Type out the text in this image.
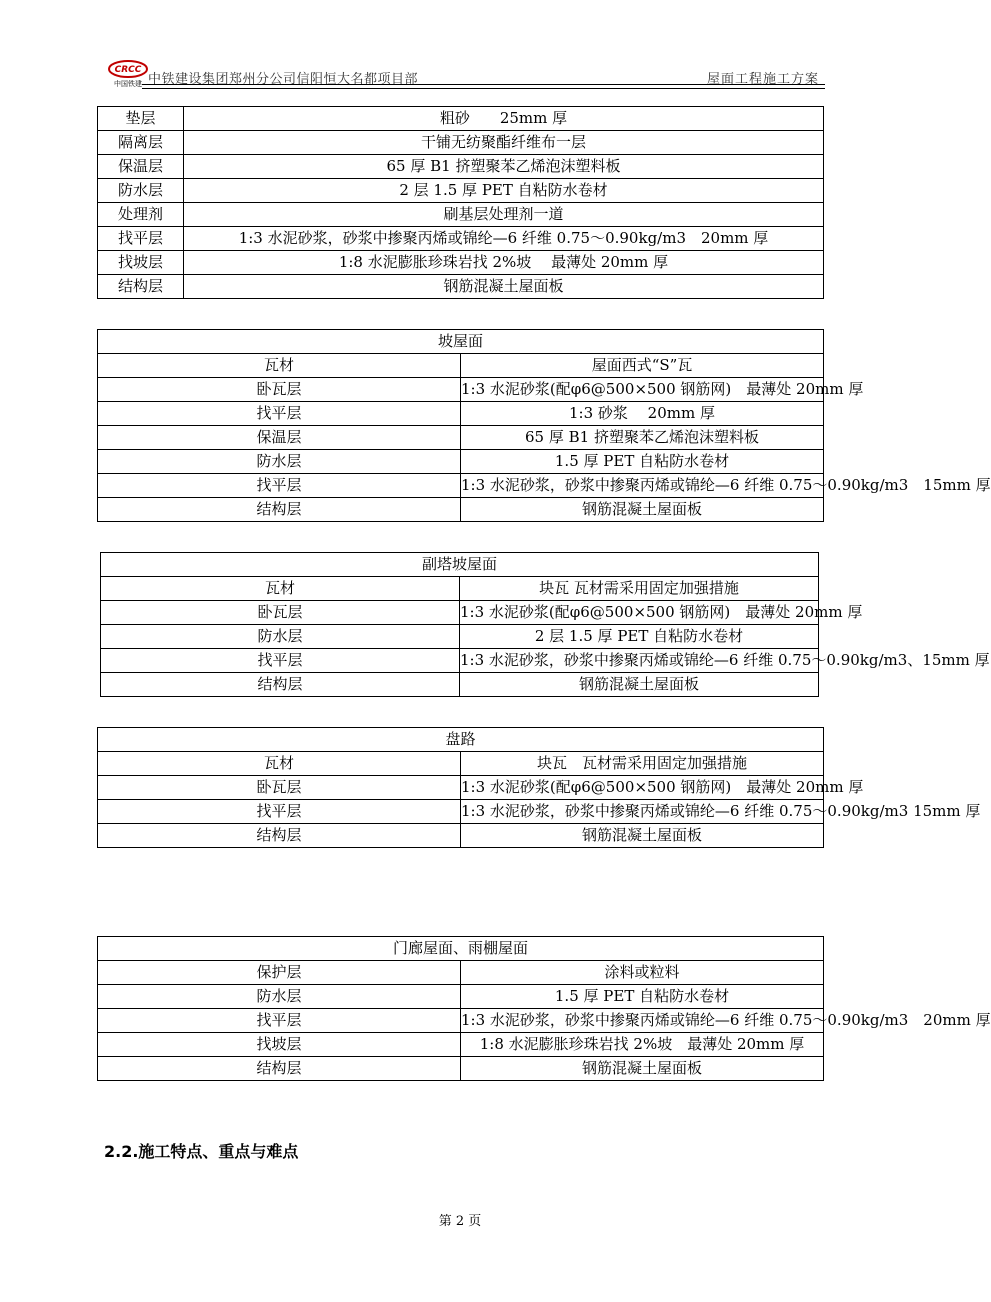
CRCC
中国铁建 中铁建设集团郑州分公司信阳恒大名都项目部	屋面工程施工方案
垫层	粗砂　　25mm 厚
隔离层	干铺无纺聚酯纤维布一层
保温层	65 厚 B1 挤塑聚苯乙烯泡沫塑料板
防水层	2 层 1.5 厚 PET 自粘防水卷材
处理剂	刷基层处理剂一道
找平层	1:3 水泥砂浆，砂浆中掺聚丙烯或锦纶—6 纤维 0.75～0.90kg/m3　20mm 厚
找坡层	1:8 水泥膨胀珍珠岩找 2%坡　 最薄处 20mm 厚
结构层	钢筋混凝土屋面板
坡屋面	
瓦材	屋面西式“S”瓦
卧瓦层	1:3 水泥砂浆(配φ6@500×500 钢筋网)　最薄处 20mm 厚
找平层	1:3 砂浆　 20mm 厚
保温层	65 厚 B1 挤塑聚苯乙烯泡沫塑料板
防水层	1.5 厚 PET 自粘防水卷材
找平层	1:3 水泥砂浆，砂浆中掺聚丙烯或锦纶—6 纤维 0.75～0.90kg/m3　15mm 厚
结构层	钢筋混凝土屋面板
副塔坡屋面	
瓦材	块瓦 瓦材需采用固定加强措施
卧瓦层	1:3 水泥砂浆(配φ6@500×500 钢筋网)　最薄处 20mm 厚
防水层	2 层 1.5 厚 PET 自粘防水卷材
找平层	1:3 水泥砂浆，砂浆中掺聚丙烯或锦纶—6 纤维 0.75～0.90kg/m3、15mm 厚
结构层	钢筋混凝土屋面板
盘路	
瓦材	块瓦　瓦材需采用固定加强措施
卧瓦层	1:3 水泥砂浆(配φ6@500×500 钢筋网)　最薄处 20mm 厚
找平层	1:3 水泥砂浆，砂浆中掺聚丙烯或锦纶—6 纤维 0.75～0.90kg/m3 15mm 厚
结构层	钢筋混凝土屋面板
门廊屋面、雨棚屋面	
保护层	涂料或粒料
防水层	1.5 厚 PET 自粘防水卷材
找平层	1:3 水泥砂浆，砂浆中掺聚丙烯或锦纶—6 纤维 0.75～0.90kg/m3　20mm 厚
找坡层	1:8 水泥膨胀珍珠岩找 2%坡　最薄处 20mm 厚
结构层	钢筋混凝土屋面板
2.2.施工特点、重点与难点
第 2 页
